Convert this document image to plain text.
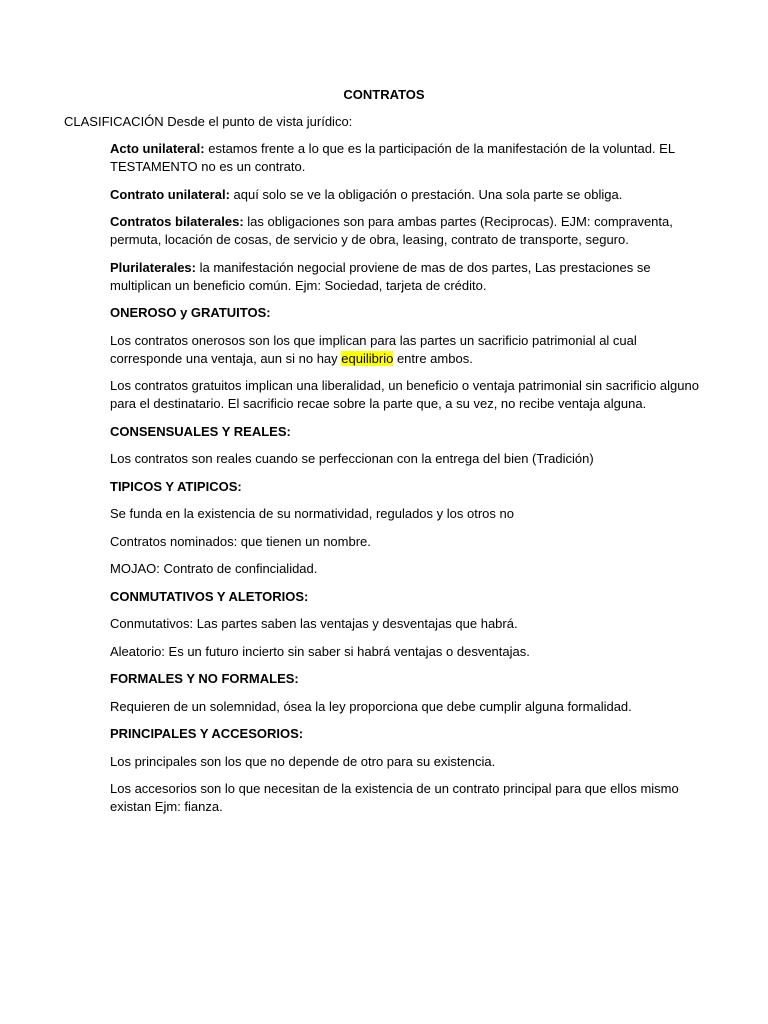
CONTRATOS
CLASIFICACIÓN Desde el punto de vista jurídico:

Acto unilateral: estamos frente a lo que es la participación de la manifestación de la voluntad. EL TESTAMENTO no es un contrato.

Contrato unilateral: aquí solo se ve la obligación o prestación. Una sola parte se obliga.

Contratos bilaterales: las obligaciones son para ambas partes (Reciprocas). EJM: compraventa, permuta, locación de cosas, de servicio y de obra, leasing, contrato de transporte, seguro.

Plurilaterales: la manifestación negocial proviene de mas de dos partes, Las prestaciones se multiplican un beneficio común. Ejm: Sociedad, tarjeta de crédito.

ONEROSO y GRATUITOS:

Los contratos onerosos son los que implican para las partes un sacrificio patrimonial al cual corresponde una ventaja, aun si no hay equilibrio entre ambos.

Los contratos gratuitos implican una liberalidad, un beneficio o ventaja patrimonial sin sacrificio alguno para el destinatario. El sacrificio recae sobre la parte que, a su vez, no recibe ventaja alguna.

CONSENSUALES Y REALES:

Los contratos son reales cuando se perfeccionan con la entrega del bien (Tradición)

TIPICOS Y ATIPICOS:

Se funda en la existencia de su normatividad, regulados y los otros no

Contratos nominados: que tienen un nombre.

MOJAO: Contrato de confincialidad.

CONMUTATIVOS Y ALETORIOS:

Conmutativos: Las partes saben las ventajas y desventajas que habrá.

Aleatorio: Es un futuro incierto sin saber si habrá ventajas o desventajas.

FORMALES Y NO FORMALES:

Requieren de un solemnidad, ósea la ley proporciona que debe cumplir alguna formalidad.

PRINCIPALES Y ACCESORIOS:

Los principales son los que no depende de otro para su existencia.

Los accesorios son lo que necesitan de la existencia de un contrato principal para que ellos mismo existan Ejm: fianza.
